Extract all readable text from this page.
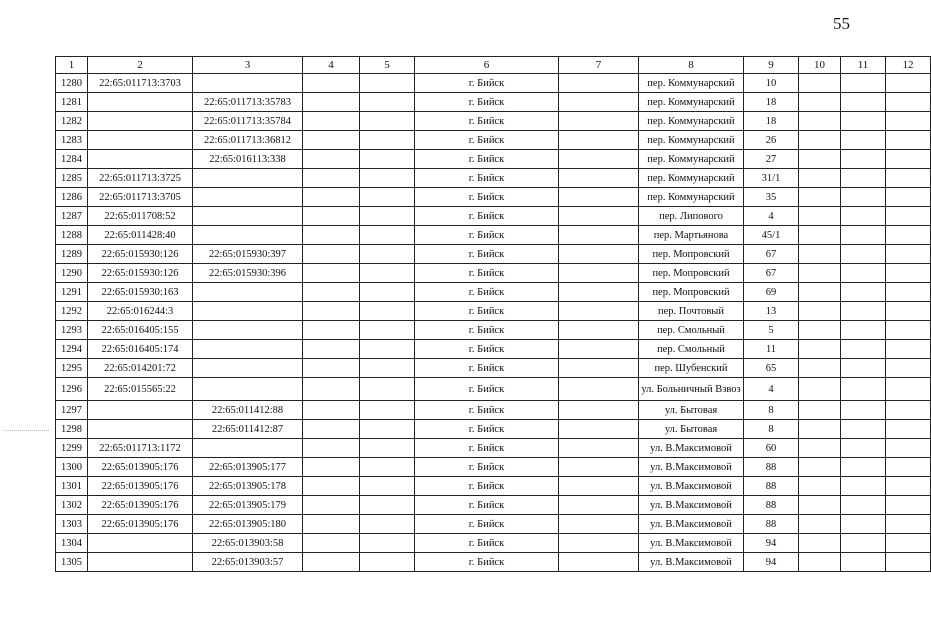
55
1	2	3	4	5	6	7	8	9	10	11	12
1280	22:65:011713:3703				г. Бийск		пер. Коммунарский	10			
1281		22:65:011713:35783			г. Бийск		пер. Коммунарский	18			
1282		22:65:011713:35784			г. Бийск		пер. Коммунарский	18			
1283		22:65:011713:36812			г. Бийск		пер. Коммунарский	26			
1284		22:65:016113:338			г. Бийск		пер. Коммунарский	27			
1285	22:65:011713:3725				г. Бийск		пер. Коммунарский	31/1			
1286	22:65:011713:3705				г. Бийск		пер. Коммунарский	35			
1287	22:65:011708:52				г. Бийск		пер. Липового	4			
1288	22:65:011428:40				г. Бийск		пер. Мартьянова	45/1			
1289	22:65:015930:126	22:65:015930:397			г. Бийск		пер. Мопровский	67			
1290	22:65:015930:126	22:65:015930:396			г. Бийск		пер. Мопровский	67			
1291	22:65:015930:163				г. Бийск		пер. Мопровский	69			
1292	22:65:016244:3				г. Бийск		пер. Почтовый	13			
1293	22:65:016405:155				г. Бийск		пер. Смольный	5			
1294	22:65:016405:174				г. Бийск		пер. Смольный	11			
1295	22:65:014201:72				г. Бийск		пер. Шубенский	65			
1296	22:65:015565:22				г. Бийск		ул. Больничный Взвоз	4			
1297		22:65:011412:88			г. Бийск		ул. Бытовая	8			
1298		22:65:011412:87			г. Бийск		ул. Бытовая	8			
1299	22:65:011713:1172				г. Бийск		ул. В.Максимовой	60			
1300	22:65:013905:176	22:65:013905:177			г. Бийск		ул. В.Максимовой	88			
1301	22:65:013905:176	22:65:013905:178			г. Бийск		ул. В.Максимовой	88			
1302	22:65:013905:176	22:65:013905:179			г. Бийск		ул. В.Максимовой	88			
1303	22:65:013905:176	22:65:013905:180			г. Бийск		ул. В.Максимовой	88			
1304		22:65:013903:58			г. Бийск		ул. В.Максимовой	94			
1305		22:65:013903:57			г. Бийск		ул. В.Максимовой	94			
